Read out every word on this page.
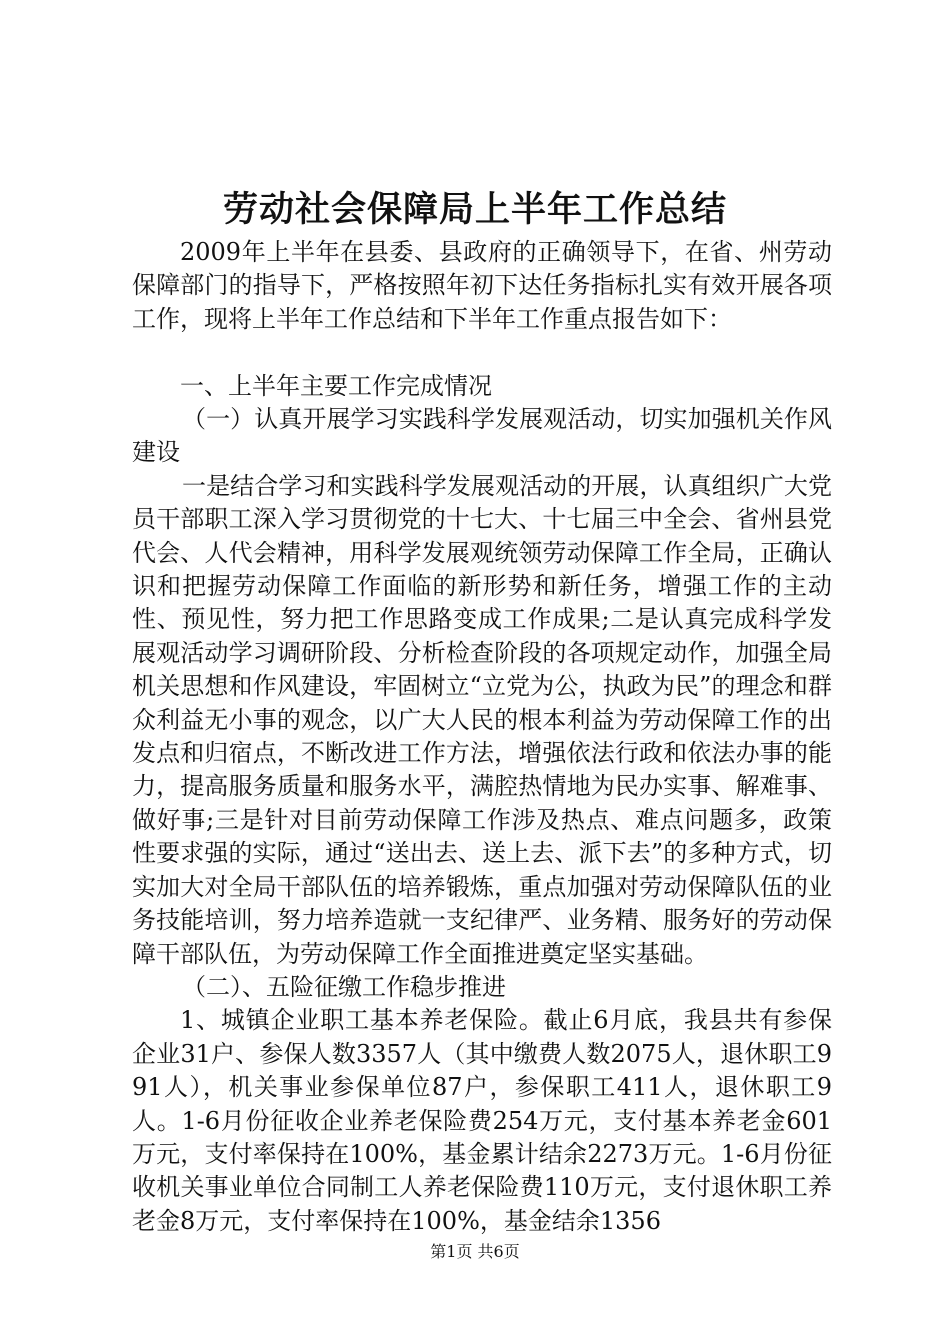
劳动社会保障局上半年工作总结

2009年上半年在县委、县政府的正确领导下，在省、州劳动保障部门的指导下，严格按照年初下达任务指标扎实有效开展各项工作，现将上半年工作总结和下半年工作重点报告如下：

一、上半年主要工作完成情况

（一）认真开展学习实践科学发展观活动，切实加强机关作风建设

一是结合学习和实践科学发展观活动的开展，认真组织广大党员干部职工深入学习贯彻党的十七大、十七届三中全会、省州县党代会、人代会精神，用科学发展观统领劳动保障工作全局，正确认识和把握劳动保障工作面临的新形势和新任务，增强工作的主动性、预见性，努力把工作思路变成工作成果;二是认真完成科学发展观活动学习调研阶段、分析检查阶段的各项规定动作，加强全局机关思想和作风建设，牢固树立“立党为公，执政为民”的理念和群众利益无小事的观念，以广大人民的根本利益为劳动保障工作的出发点和归宿点，不断改进工作方法，增强依法行政和依法办事的能力，提高服务质量和服务水平，满腔热情地为民办实事、解难事、做好事;三是针对目前劳动保障工作涉及热点、难点问题多，政策性要求强的实际，通过“送出去、送上去、派下去”的多种方式，切实加大对全局干部队伍的培养锻炼，重点加强对劳动保障队伍的业务技能培训，努力培养造就一支纪律严、业务精、服务好的劳动保障干部队伍，为劳动保障工作全面推进奠定坚实基础。

（二）、五险征缴工作稳步推进

1、城镇企业职工基本养老保险。截止6月底，我县共有参保企业31户、参保人数3357人（其中缴费人数2075人，退休职工991人），机关事业参保单位87户，参保职工411人，退休职工9人。1-6月份征收企业养老保险费254万元，支付基本养老金601万元，支付率保持在100%，基金累计结余2273万元。1-6月份征收机关事业单位合同制工人养老保险费110万元，支付退休职工养老金8万元，支付率保持在100%，基金结余1356

第1页 共6页
